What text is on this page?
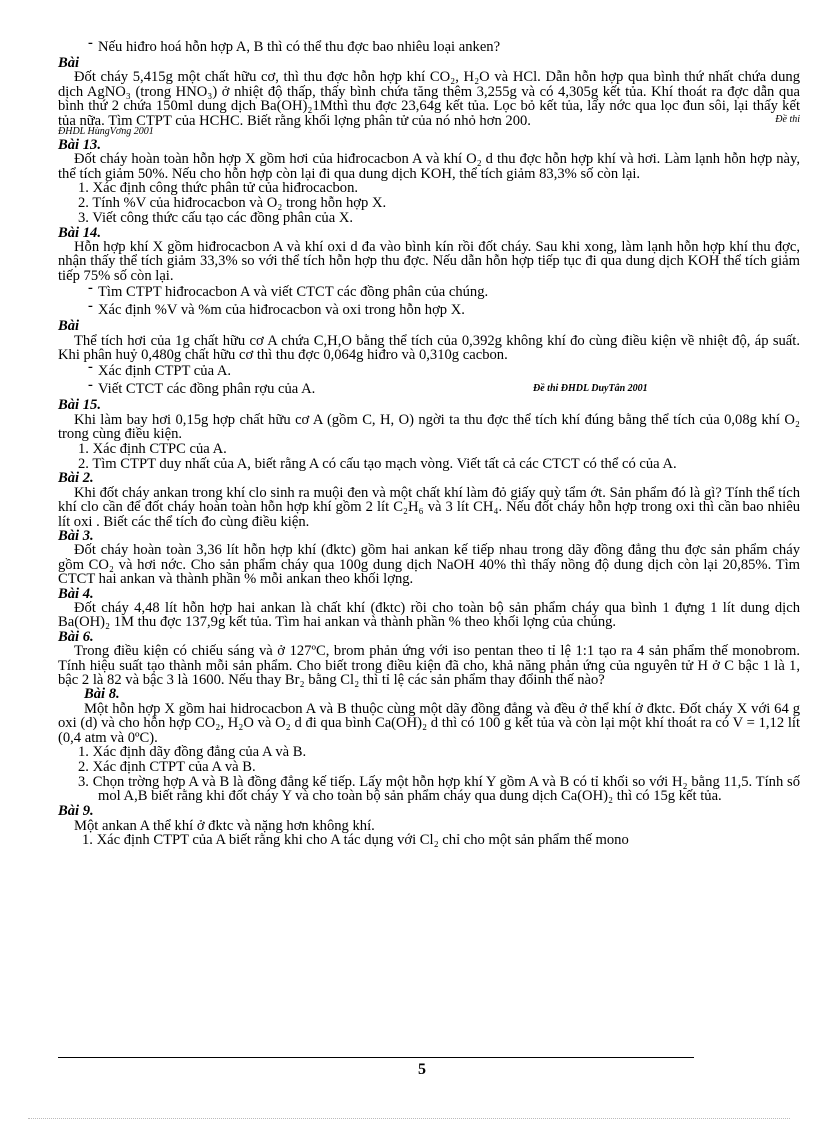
- Nếu hiđro hoá hỗn hợp A, B thì có thể thu đợc bao nhiêu loại anken?

Bài

Đốt cháy 5,415g một chất hữu cơ, thì thu đợc hỗn hợp khí CO₂, H₂O và HCl. Dẫn hỗn hợp qua bình thứ nhất chứa dung dịch AgNO₃ (trong HNO₃) ở nhiệt độ thấp, thấy bình chứa tăng thêm 3,255g và có 4,305g kết tủa. Khí thoát ra đợc dẫn qua bình thứ 2 chứa 150ml dung dịch Ba(OH)₂1Mthì thu đợc 23,64g kết tủa. Lọc bỏ kết tủa, lấy nớc qua lọc đun sôi, lại thấy kết tủa nữa. Tìm CTPT của HCHC. Biết rằng khối lợng phân tử của nó nhỏ hơn 200.	Đề thi
ĐHDL HùngVơng 2001

Bài 13.

Đốt cháy hoàn toàn hỗn hợp X gồm hơi của hiđrocacbon A và khí O₂ d thu đợc hỗn hợp khí và hơi. Làm lạnh hỗn hợp này, thể tích giảm 50%. Nếu cho hỗn hợp còn lại đi qua dung dịch KOH, thể tích giảm 83,3% số còn lại.

1. Xác định công thức phân tử của hiđrocacbon.

2. Tính %V của hiđrocacbon và O₂ trong hỗn hợp X.

3. Viết công thức cấu tạo các đồng phân của X.

Bài 14.

Hỗn hợp khí X gồm hiđrocacbon A và khí oxi d đa vào bình kín rồi đốt cháy. Sau khi xong, làm lạnh hỗn hợp khí thu đợc, nhận thấy thể tích giảm 33,3% so với thể tích hỗn hợp thu đợc. Nếu dẫn hỗn hợp tiếp tục đi qua dung dịch KOH thể tích giảm tiếp 75% số còn lại.

- Tìm CTPT hiđrocacbon A và viết CTCT các đồng phân của chúng.

- Xác định %V và %m của hiđrocacbon và oxi trong hỗn hợp X.

Bài

Thể tích hơi của 1g chất hữu cơ A chứa C,H,O bằng thể tích của 0,392g không khí đo cùng điều kiện về nhiệt độ, áp suất. Khi phân huỷ 0,480g chất hữu cơ thì thu đợc 0,064g hiđro và 0,310g cacbon.

- Xác định CTPT của A.

- Viết CTCT các đồng phân rợu của A.	Đề thi ĐHDL DuyTân 2001

Bài 15.

Khi làm bay hơi 0,15g hợp chất hữu cơ A (gồm C, H, O) ngời ta thu đợc thể tích khí đúng bằng thể tích của 0,08g khí O₂ trong cùng điều kiện.

1. Xác định CTPC của A.

2. Tìm CTPT duy nhất của A, biết rằng A có cấu tạo mạch vòng. Viết tất cả các CTCT có thể có của A.

Bài 2.

Khi đốt cháy ankan trong khí clo sinh ra muội đen và một chất khí làm đỏ giấy quỳ tẩm ớt. Sản phẩm đó là gì? Tính thể tích khí clo cần để đốt cháy hoàn toàn hỗn hợp khí gồm 2 lít C₂H₆ và 3 lít CH₄. Nếu đốt cháy hỗn hợp trong oxi thì cần bao nhiêu lít oxi . Biết các thể tích đo cùng điều kiện.

Bài 3.

Đốt cháy hoàn toàn 3,36 lít hỗn hợp khí (đktc) gồm hai ankan kế tiếp nhau trong dãy đồng đẳng thu đợc sản phẩm cháy gồm CO₂ và hơi nớc. Cho sản phẩm cháy qua 100g dung dịch NaOH 40% thì thấy nồng độ dung dịch còn lại 20,85%. Tìm CTCT hai ankan và thành phần % mỗi ankan theo khối lợng.

Bài 4.

Đốt cháy 4,48 lít hỗn hợp hai ankan là chất khí (đktc) rồi cho toàn bộ sản phẩm cháy qua bình 1 đựng 1 lít dung dịch Ba(OH)₂ 1M thu đợc 137,9g kết tủa. Tìm hai ankan và thành phần % theo khối lợng của chúng.

Bài 6.

Trong điều kiện có chiếu sáng và ở 127ºC, brom phản ứng với iso pentan theo tỉ lệ 1:1 tạo ra 4 sản phẩm thế monobrom. Tính hiệu suất tạo thành mỗi sản phẩm. Cho biết trong điều kiện đã cho, khả năng phản ứng của nguyên tử H ở C bậc 1 là 1, bậc 2 là 82 và bậc 3 là 1600. Nếu thay Br₂ bằng Cl₂ thì tỉ lệ các sản phẩm thay đổinh thế nào?

Bài 8.

Một hỗn hợp X gồm hai hidrocacbon A và B thuộc cùng một dãy đồng đẳng và đều ở thể khí ở đktc. Đốt cháy X với 64 g oxi (d) và cho hỗn hợp CO₂, H₂O và O₂ d đi qua bình Ca(OH)₂ d thì có 100 g kết tủa và còn lại một khí thoát ra có V = 1,12 lít (0,4 atm và 0ºC).

1. Xác định dãy đồng đẳng của A và B.

2. Xác định CTPT của A và B.

3. Chọn trờng hợp A và B là đồng đẳng kế tiếp. Lấy một hỗn hợp khí Y gồm A và B có tỉ khối so với H₂ bằng 11,5. Tính số mol A,B biết rằng khi đốt cháy Y và cho toàn bộ sản phẩm cháy qua dung dịch Ca(OH)₂ thì có 15g kết tủa.

Bài 9.

Một ankan A thể khí ở đktc và nặng hơn không khí.

1. Xác định CTPT của A biết rằng khi cho A tác dụng với Cl₂ chỉ cho một sản phẩm thế mono

5
